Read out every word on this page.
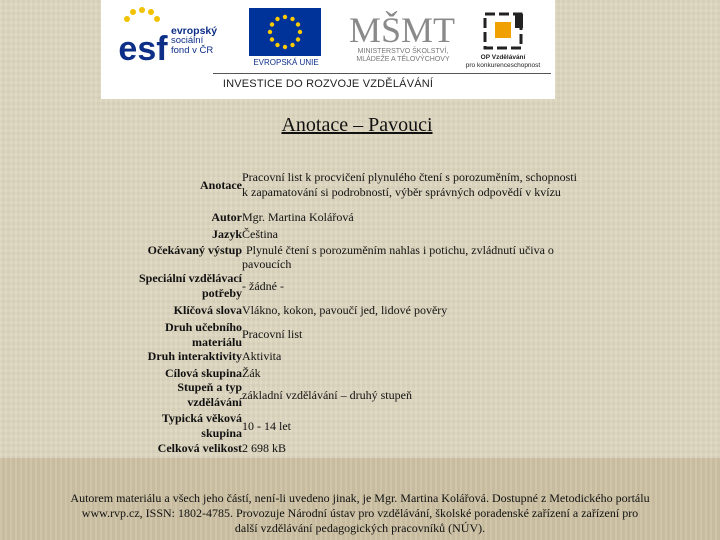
esf evropský
sociální
fond v ČR
EVROPSKÁ UNIE
MŠMT
MINISTERSTVO ŠKOLSTVÍ,
MLÁDEŽE A TĚLOVÝCHOVY	OP Vzdělávání
pro konkurenceschopnost
INVESTICE DO ROZVOJE VZDĚLÁVÁNÍ
Anotace – Pavouci
Anotace
Pracovní list k procvičení plynulého čtení s porozuměním, schopnosti
k zapamatování si podrobností, výběr správných odpovědí v kvízu
Autor Mgr. Martina Kolářová
Jazyk Čeština
Očekávaný výstup Plynulé čtení s porozuměním nahlas i potichu, zvládnutí učiva o
pavoucích
Speciální vzdělávací
potřeby - žádné -
Klíčová slova Vlákno, kokon, pavoučí jed, lidové pověry
Druh učebního
materiálu
Pracovní list
Druh interaktivity Aktivita
Cílová skupina Žák
Stupeň a typ
vzdělávání základní vzdělávání – druhý stupeň
Typická věková
skupina 10 - 14 let
Celková velikost 2 698 kB
Autorem materiálu a všech jeho částí, není-li uvedeno jinak, je Mgr. Martina Kolářová. Dostupné z Metodického portálu
www.rvp.cz, ISSN: 1802-4785. Provozuje Národní ústav pro vzdělávání, školské poradenské zařízení a zařízení pro
další vzdělávání pedagogických pracovníků (NÚV).
